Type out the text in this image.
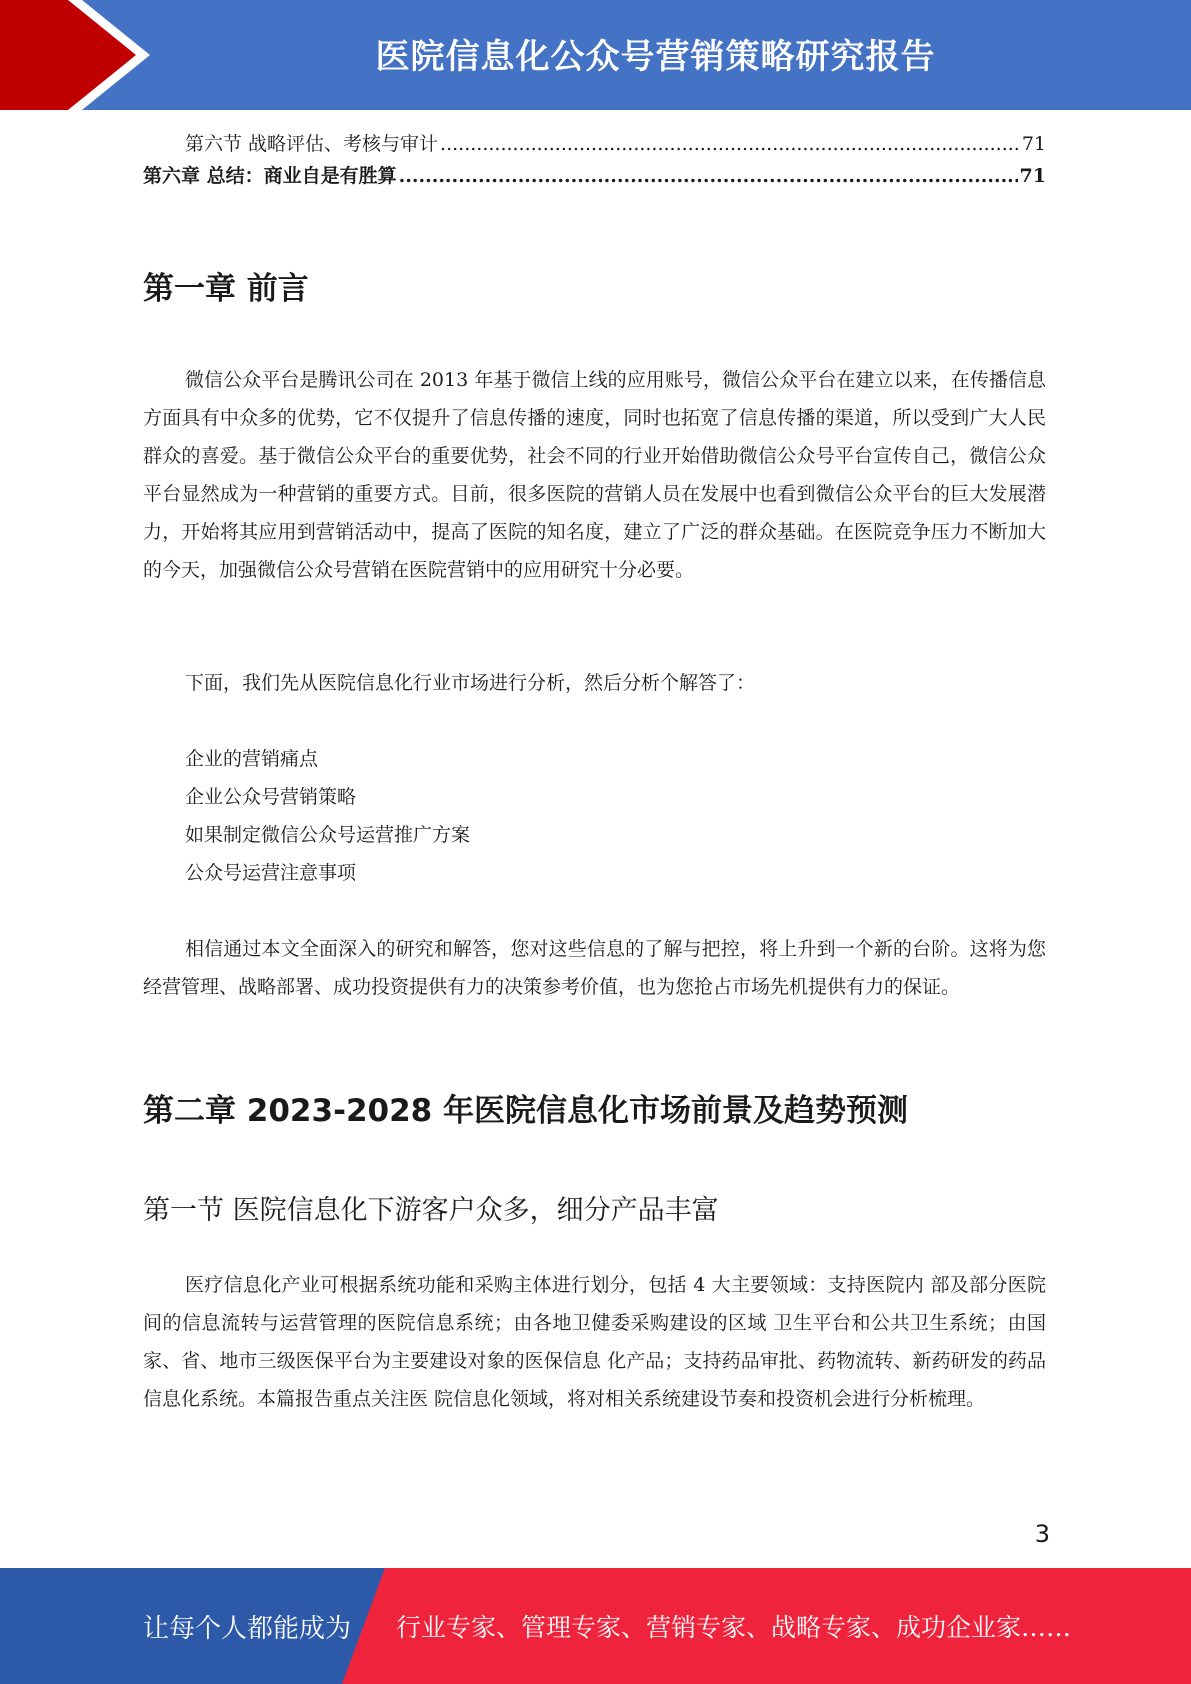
医院信息化公众号营销策略研究报告
第六节 战略评估、考核与审计 .....	71
第六章 总结：商业自是有胜算 .....	71
第一章 前言

微信公众平台是腾讯公司在 2013 年基于微信上线的应用账号，微信公众平台在建立以来，在传播信息方面具有中众多的优势，它不仅提升了信息传播的速度，同时也拓宽了信息传播的渠道，所以受到广大人民群众的喜爱。基于微信公众平台的重要优势，社会不同的行业开始借助微信公众号平台宣传自己，微信公众平台显然成为一种营销的重要方式。目前，很多医院的营销人员在发展中也看到微信公众平台的巨大发展潜力，开始将其应用到营销活动中，提高了医院的知名度，建立了广泛的群众基础。在医院竞争压力不断加大的今天，加强微信公众号营销在医院营销中的应用研究十分必要。

下面，我们先从医院信息化行业市场进行分析，然后分析个解答了：

企业的营销痛点
企业公众号营销策略
如果制定微信公众号运营推广方案
公众号运营注意事项

相信通过本文全面深入的研究和解答，您对这些信息的了解与把控，将上升到一个新的台阶。这将为您经营管理、战略部署、成功投资提供有力的决策参考价值，也为您抢占市场先机提供有力的保证。

第二章 2023-2028 年医院信息化市场前景及趋势预测
第一节 医院信息化下游客户众多，细分产品丰富

医疗信息化产业可根据系统功能和采购主体进行划分，包括 4 大主要领域：支持医院内 部及部分医院间的信息流转与运营管理的医院信息系统；由各地卫健委采购建设的区域 卫生平台和公共卫生系统；由国家、省、地市三级医保平台为主要建设对象的医保信息 化产品；支持药品审批、药物流转、新药研发的药品信息化系统。本篇报告重点关注医 院信息化领域，将对相关系统建设节奏和投资机会进行分析梳理。

3
让每个人都能成为 行业专家、管理专家、营销专家、战略专家、成功企业家……
